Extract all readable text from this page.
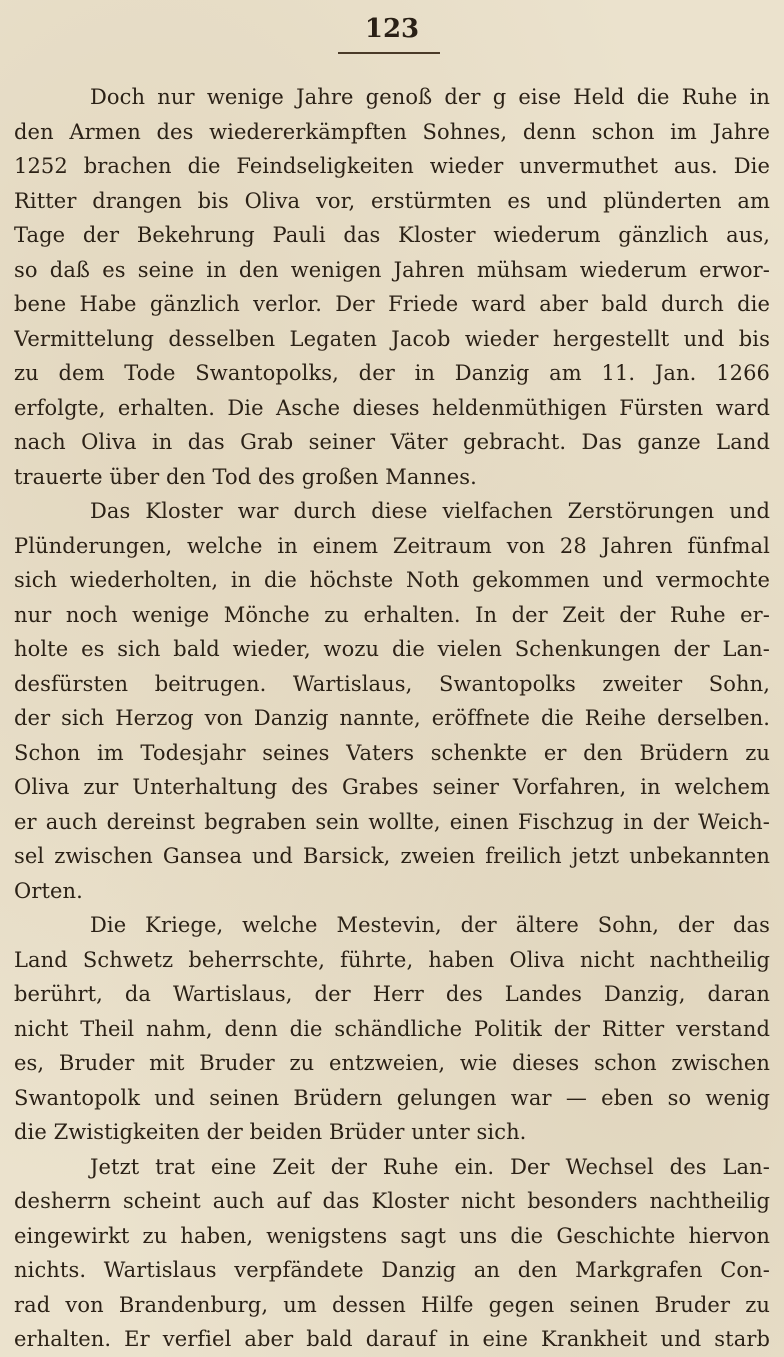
123
Doch nur wenige Jahre genoß der g eise Held die Ruhe in
den Armen des wiedererkämpften Sohnes, denn schon im Jahre
1252 brachen die Feindseligkeiten wieder unvermuthet aus. Die
Ritter drangen bis Oliva vor, erstürmten es und plünderten am
Tage der Bekehrung Pauli das Kloster wiederum gänzlich aus,
so daß es seine in den wenigen Jahren mühsam wiederum erwor-
bene Habe gänzlich verlor. Der Friede ward aber bald durch die
Vermittelung desselben Legaten Jacob wieder hergestellt und bis
zu dem Tode Swantopolks, der in Danzig am 11. Jan. 1266
erfolgte, erhalten. Die Asche dieses heldenmüthigen Fürsten ward
nach Oliva in das Grab seiner Väter gebracht. Das ganze Land
trauerte über den Tod des großen Mannes.
Das Kloster war durch diese vielfachen Zerstörungen und
Plünderungen, welche in einem Zeitraum von 28 Jahren fünfmal
sich wiederholten, in die höchste Noth gekommen und vermochte
nur noch wenige Mönche zu erhalten. In der Zeit der Ruhe er-
holte es sich bald wieder, wozu die vielen Schenkungen der Lan-
desfürsten beitrugen. Wartislaus, Swantopolks zweiter Sohn,
der sich Herzog von Danzig nannte, eröffnete die Reihe derselben.
Schon im Todesjahr seines Vaters schenkte er den Brüdern zu
Oliva zur Unterhaltung des Grabes seiner Vorfahren, in welchem
er auch dereinst begraben sein wollte, einen Fischzug in der Weich-
sel zwischen Gansea und Barsick, zweien freilich jetzt unbekannten
Orten.
Die Kriege, welche Mestevin, der ältere Sohn, der das
Land Schwetz beherrschte, führte, haben Oliva nicht nachtheilig
berührt, da Wartislaus, der Herr des Landes Danzig, daran
nicht Theil nahm, denn die schändliche Politik der Ritter verstand
es, Bruder mit Bruder zu entzweien, wie dieses schon zwischen
Swantopolk und seinen Brüdern gelungen war — eben so wenig
die Zwistigkeiten der beiden Brüder unter sich.
Jetzt trat eine Zeit der Ruhe ein. Der Wechsel des Lan-
desherrn scheint auch auf das Kloster nicht besonders nachtheilig
eingewirkt zu haben, wenigstens sagt uns die Geschichte hiervon
nichts. Wartislaus verpfändete Danzig an den Markgrafen Con-
rad von Brandenburg, um dessen Hilfe gegen seinen Bruder zu
erhalten. Er verfiel aber bald darauf in eine Krankheit und starb
